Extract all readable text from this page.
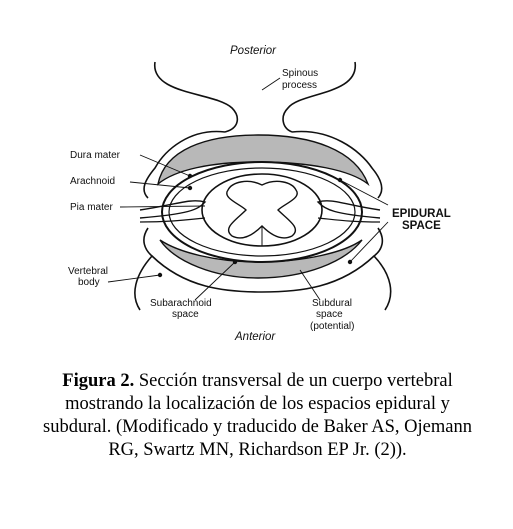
Posterior
Spinous
process
Dura mater
Arachnoid
Pia mater
EPIDURAL
SPACE
Vertebral
body
Subarachnoid
space
Subdural
space
(potential)
Anterior
Figura 2. Sección transversal de un cuerpo vertebral mostrando la localización de los espacios epidural y subdural. (Modificado y traducido de Baker AS, Ojemann RG, Swartz MN, Richardson EP Jr. (2)).
